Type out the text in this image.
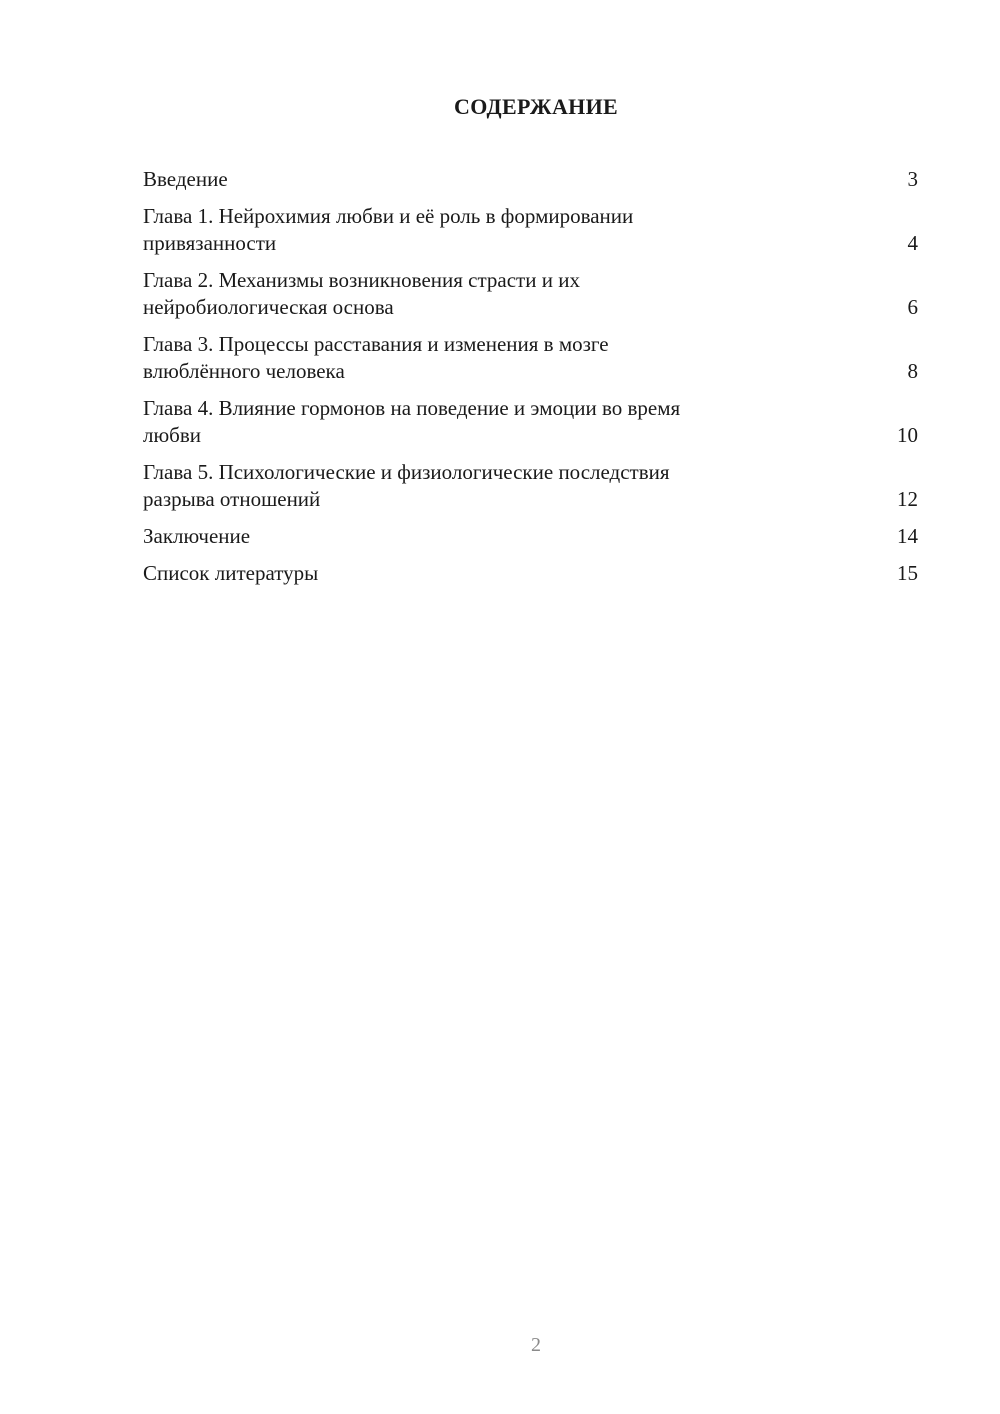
СОДЕРЖАНИЕ
Введение	3
Глава 1. Нейрохимия любви и её роль в формировании
привязанности	4
Глава 2. Механизмы возникновения страсти и их
нейробиологическая основа	6
Глава 3. Процессы расставания и изменения в мозге
влюблённого человека	8
Глава 4. Влияние гормонов на поведение и эмоции во время
любви	10
Глава 5. Психологические и физиологические последствия
разрыва отношений	12
Заключение	14
Список литературы	15
2
